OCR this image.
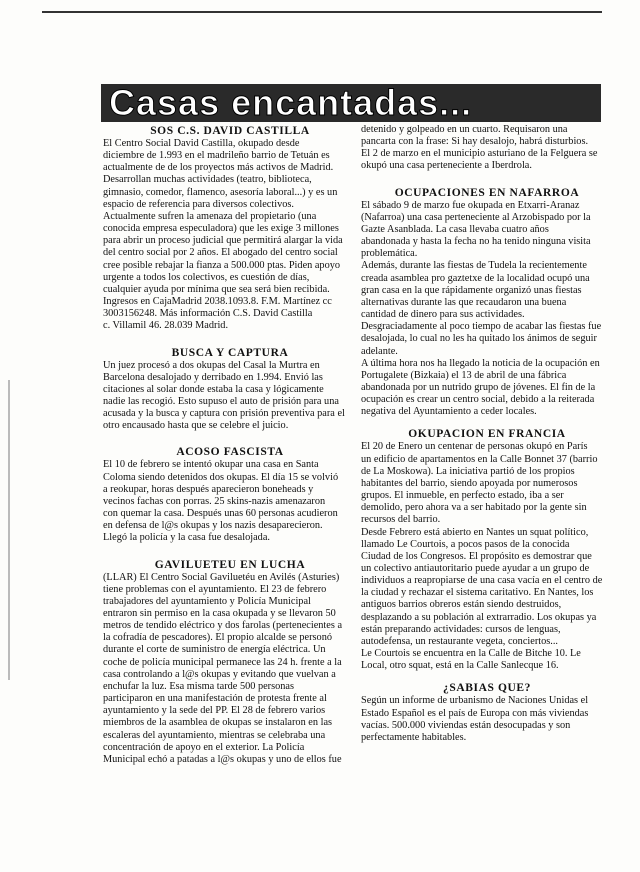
Casas encantadas...
SOS C.S. DAVID CASTILLA

El Centro Social David Castilla, okupado desde
diciembre de 1.993 en el madrileño barrio de Tetuán es
actualmente de de los proyectos más activos de Madrid.
Desarrollan muchas actividades (teatro, biblioteca,
gimnasio, comedor, flamenco, asesoría laboral...) y es un
espacio de referencia para diversos colectivos.
Actualmente sufren la amenaza del propietario (una
conocida empresa especuladora) que les exige 3 millones
para abrir un proceso judicial que permitirá alargar la vida
del centro social por 2 años. El abogado del centro social
cree posible rebajar la fianza a 500.000 ptas. Piden apoyo
urgente a todos los colectivos, es cuestión de días,
cualquier ayuda por mínima que sea será bien recibida.
Ingresos en CajaMadrid 2038.1093.8. F.M. Martínez cc
3003156248. Más información C.S. David Castilla
c. Villamil 46. 28.039 Madrid.

BUSCA Y CAPTURA

Un juez procesó a dos okupas del Casal la Murtra en
Barcelona desalojado y derribado en 1.994. Envió las
citaciones al solar donde estaba la casa y lógicamente
nadie las recogió. Esto supuso el auto de prisión para una
acusada y la busca y captura con prisión preventiva para el
otro encausado hasta que se celebre el juicio.

ACOSO FASCISTA

El 10 de febrero se intentó okupar una casa en Santa
Coloma siendo detenidos dos okupas. El día 15 se volvió
a reokupar, horas después aparecieron boneheads y
vecinos fachas con porras. 25 skins-nazis amenazaron
con quemar la casa. Después unas 60 personas acudieron
en defensa de l@s okupas y los nazis desaparecieron.
Llegó la policía y la casa fue desalojada.

GAVILUETEU EN LUCHA

(LLAR) El Centro Social Gaviluetéu en Avilés (Asturies)
tiene problemas con el ayuntamiento. El 23 de febrero
trabajadores del ayuntamiento y Policía Municipal
entraron sin permiso en la casa okupada y se llevaron 50
metros de tendido eléctrico y dos farolas (pertenecientes a
la cofradía de pescadores). El propio alcalde se personó
durante el corte de suministro de energía eléctrica. Un
coche de policía municipal permanece las 24 h. frente a la
casa controlando a l@s okupas y evitando que vuelvan a
enchufar la luz. Esa misma tarde 500 personas
participaron en una manifestación de protesta frente al
ayuntamiento y la sede del PP. El 28 de febrero varios
miembros de la asamblea de okupas se instalaron en las
escaleras del ayuntamiento, mientras se celebraba una
concentración de apoyo en el exterior. La Policía
Municipal echó a patadas a l@s okupas y uno de ellos fue

detenido y golpeado en un cuarto. Requisaron una
pancarta con la frase: Si hay desalojo, habrá disturbios.
El 2 de marzo en el municipio asturiano de la Felguera se
okupó una casa perteneciente a Iberdrola.

OCUPACIONES EN NAFARROA

El sábado 9 de marzo fue okupada en Etxarri-Aranaz
(Nafarroa) una casa perteneciente al Arzobispado por la
Gazte Asanblada. La casa llevaba cuatro años
abandonada y hasta la fecha no ha tenido ninguna visita
problemática.
Además, durante las fiestas de Tudela la recientemente
creada asamblea pro gaztetxe de la localidad ocupó una
gran casa en la que rápidamente organizó unas fiestas
alternativas durante las que recaudaron una buena
cantidad de dinero para sus actividades.
Desgraciadamente al poco tiempo de acabar las fiestas fue
desalojada, lo cual no les ha quitado los ánimos de seguir
adelante.
A última hora nos ha llegado la noticia de la ocupación en
Portugalete (Bizkaia) el 13 de abril de una fábrica
abandonada por un nutrido grupo de jóvenes. El fin de la
ocupación es crear un centro social, debido a la reiterada
negativa del Ayuntamiento a ceder locales.

OKUPACION EN FRANCIA

El 20 de Enero un centenar de personas okupó en París
un edificio de apartamentos en la Calle Bonnet 37 (barrio
de La Moskowa). La iniciativa partió de los propios
habitantes del barrio, siendo apoyada por numerosos
grupos. El inmueble, en perfecto estado, iba a ser
demolido, pero ahora va a ser habitado por la gente sin
recursos del barrio.
Desde Febrero está abierto en Nantes un squat político,
llamado Le Courtois, a pocos pasos de la conocida
Ciudad de los Congresos. El propósito es demostrar que
un colectivo antiautoritario puede ayudar a un grupo de
individuos a reapropiarse de una casa vacía en el centro de
la ciudad y rechazar el sistema caritativo. En Nantes, los
antiguos barrios obreros están siendo destruidos,
desplazando a su población al extrarradio. Los okupas ya
están preparando actividades: cursos de lenguas,
autodefensa, un restaurante vegeta, conciertos...
Le Courtois se encuentra en la Calle de Bitche 10. Le
Local, otro squat, está en la Calle Sanlecque 16.

¿SABIAS QUE?

Según un informe de urbanismo de Naciones Unidas el
Estado Español es el país de Europa con más viviendas
vacías. 500.000 viviendas están desocupadas y son
perfectamente habitables.
